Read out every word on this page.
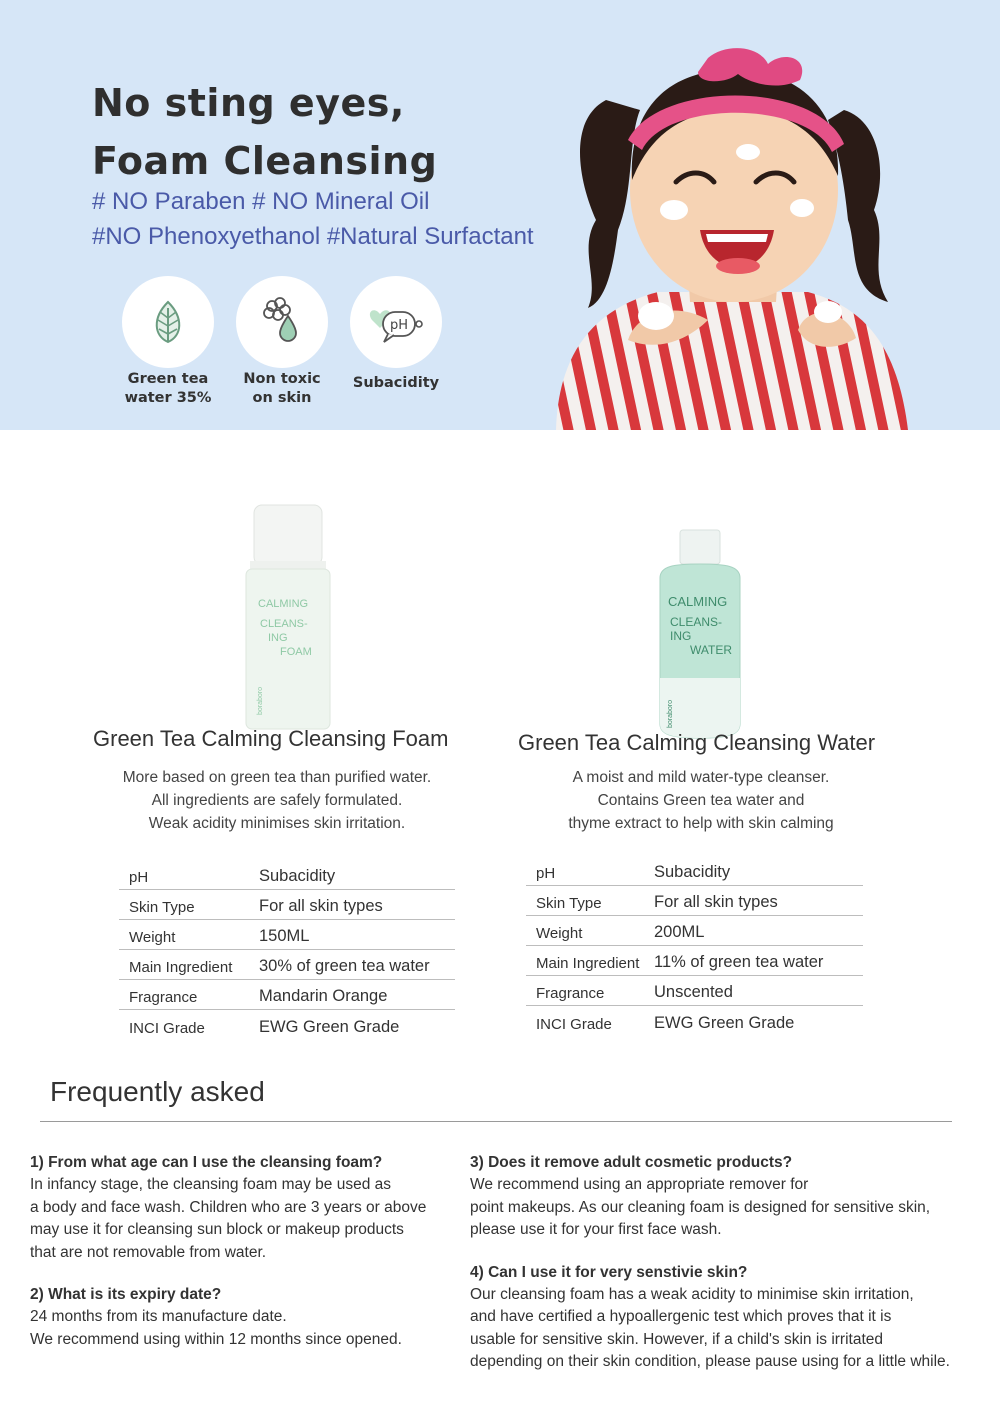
No sting eyes,
Foam Cleansing
# NO Paraben # NO Mineral Oil
#NO Phenoxyethanol #Natural Surfactant
Green tea
water 35%
Non toxic
on skin
pH
Subacidity
CALMING
CLEANS-
ING
FOAM
boraboro
Green Tea Calming Cleansing Foam
More based on green tea than purified water.
All ingredients are safely formulated.
Weak acidity minimises skin irritation.
pH	Subacidity
Skin Type	For all skin types
Weight	150ML
Main Ingredient	30% of green tea water
Fragrance	Mandarin Orange
INCI Grade	EWG Green Grade
CALMING
CLEANS-
ING
WATER
boraboro
Green Tea Calming Cleansing Water
A moist and mild water-type cleanser.
Contains Green tea water and
thyme extract to help with skin calming
pH	Subacidity
Skin Type	For all skin types
Weight	200ML
Main Ingredient 11% of green tea water
Fragrance	Unscented
INCI Grade	EWG Green Grade
Frequently asked
1) From what age can I use the cleansing foam?
In infancy stage, the cleansing foam may be used as
a body and face wash. Children who are 3 years or above
may use it for cleansing sun block or makeup products
that are not removable from water.
2) What is its expiry date?
24 months from its manufacture date.
We recommend using within 12 months since opened.
3) Does it remove adult cosmetic products?
We recommend using an appropriate remover for
point makeups. As our cleaning foam is designed for sensitive skin,
please use it for your first face wash.
4) Can I use it for very senstivie skin?
Our cleansing foam has a weak acidity to minimise skin irritation,
and have certified a hypoallergenic test which proves that it is
usable for sensitive skin. However, if a child's skin is irritated
depending on their skin condition, please pause using for a little while.
